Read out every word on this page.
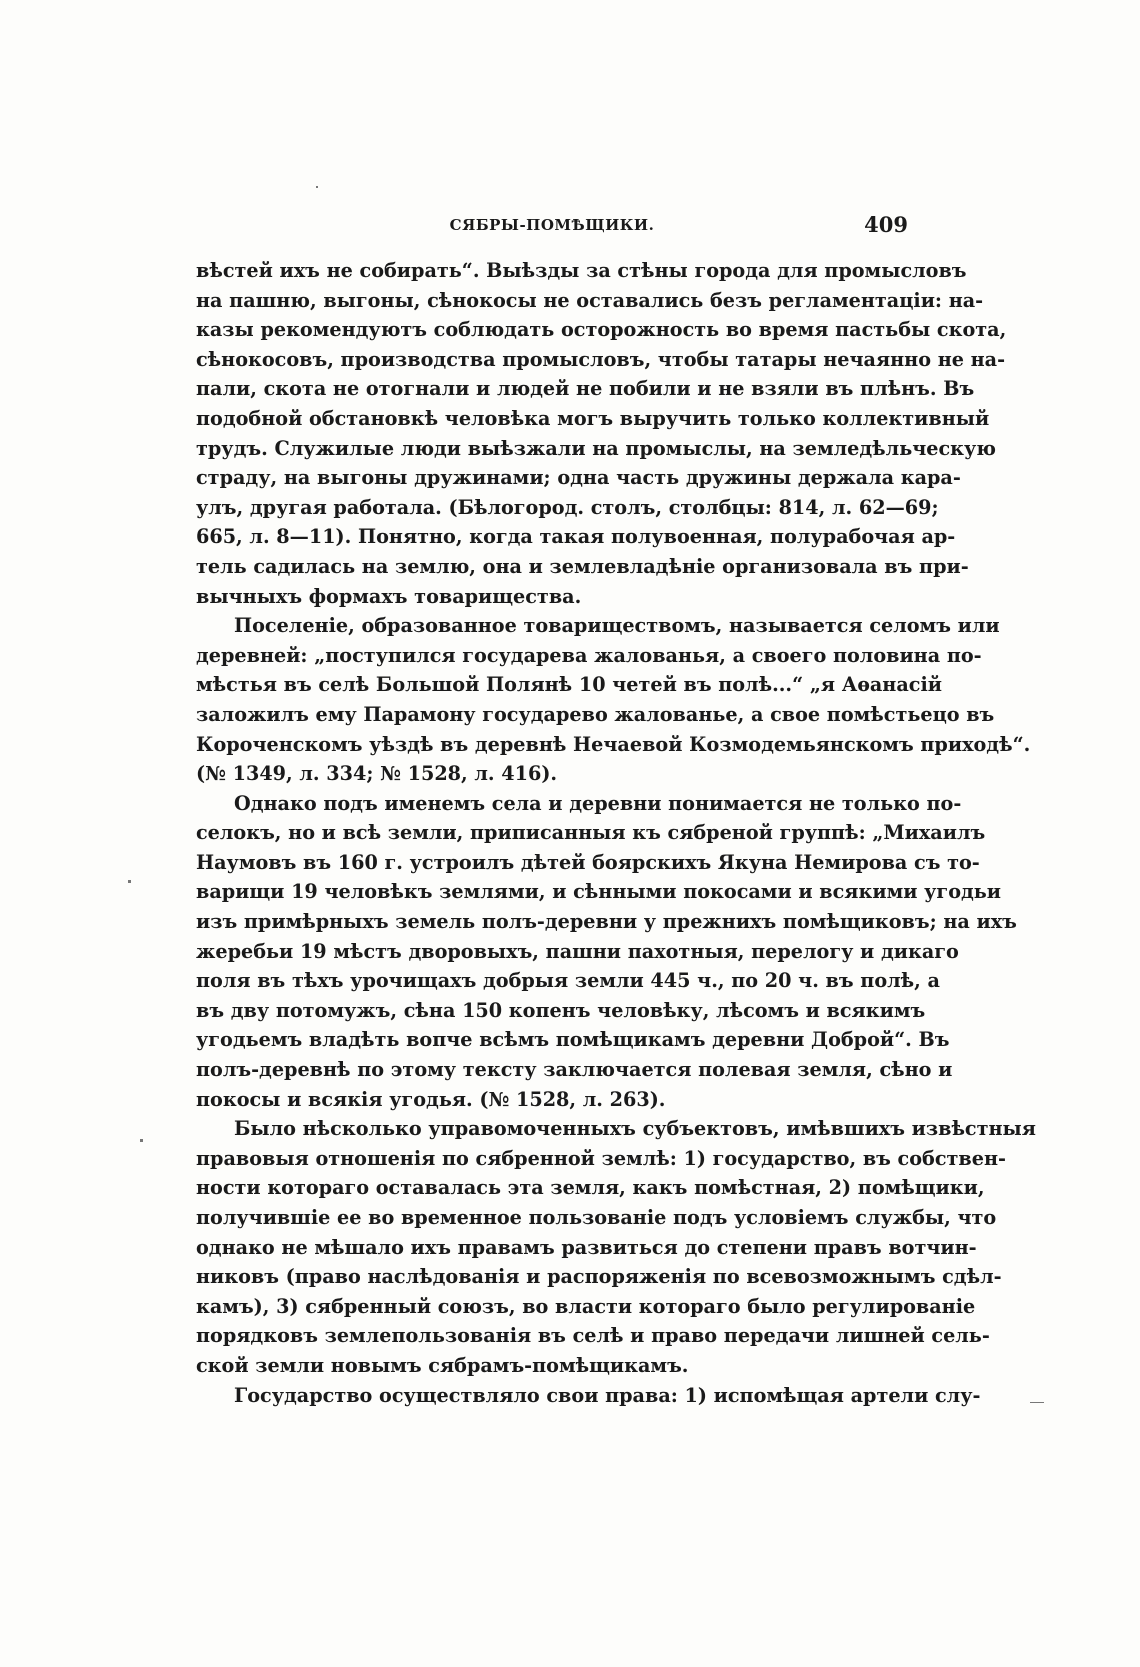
СЯБРЫ-ПОМѢЩИКИ.	409
вѣстей ихъ не собирать“. Выѣзды за стѣны города для промысловъ
на пашню, выгоны, сѣнокосы не оставались безъ регламентаціи: на-
казы рекомендуютъ соблюдать осторожность во время пастьбы скота,
сѣнокосовъ, производства промысловъ, чтобы татары нечаянно не на-
пали, скота не отогнали и людей не побили и не взяли въ плѣнъ. Въ
подобной обстановкѣ человѣка могъ выручить только коллективный
трудъ. Служилые люди выѣзжали на промыслы, на земледѣльческую
страду, на выгоны дружинами; одна часть дружины держала кара-
улъ, другая работала. (Бѣлогород. столъ, столбцы: 814, л. 62—69;
665, л. 8—11). Понятно, когда такая полувоенная, полурабочая ар-
тель садилась на землю, она и землевладѣніе организовала въ при-
вычныхъ формахъ товарищества.
Поселеніе, образованное товариществомъ, называется селомъ или
деревней: „поступился государева жалованья, а своего половина по-
мѣстья въ селѣ Большой Полянѣ 10 четей въ полѣ...“ „я Аѳанасій
заложилъ ему Парамону государево жалованье, а свое помѣстьецо въ
Короченскомъ уѣздѣ въ деревнѣ Нечаевой Козмодемьянскомъ приходѣ“.
(№ 1349, л. 334; № 1528, л. 416).
Однако подъ именемъ села и деревни понимается не только по-
селокъ, но и всѣ земли, приписанныя къ сябреной группѣ: „Михаилъ
Наумовъ въ 160 г. устроилъ дѣтей боярскихъ Якуна Немирова съ то-
варищи 19 человѣкъ землями, и сѣнными покосами и всякими угодьи
изъ примѣрныхъ земель полъ-деревни у прежнихъ помѣщиковъ; на ихъ
жеребьи 19 мѣстъ дворовыхъ, пашни пахотныя, перелогу и дикаго
поля въ тѣхъ урочищахъ добрыя земли 445 ч., по 20 ч. въ полѣ, а
въ дву потомужъ, сѣна 150 копенъ человѣку, лѣсомъ и всякимъ
угодьемъ владѣть вопче всѣмъ помѣщикамъ деревни Доброй“. Въ
полъ-деревнѣ по этому тексту заключается полевая земля, сѣно и
покосы и всякія угодья. (№ 1528, л. 263).
Было нѣсколько управомоченныхъ субъектовъ, имѣвшихъ извѣстныя
правовыя отношенія по сябренной землѣ: 1) государство, въ собствен-
ности котораго оставалась эта земля, какъ помѣстная, 2) помѣщики,
получившіе ее во временное пользованіе подъ условіемъ службы, что
однако не мѣшало ихъ правамъ развиться до степени правъ вотчин-
никовъ (право наслѣдованія и распоряженія по всевозможнымъ сдѣл-
камъ), 3) сябренный союзъ, во власти котораго было регулированіе
порядковъ землепользованія въ селѣ и право передачи лишней сель-
ской земли новымъ сябрамъ-помѣщикамъ.
Государство осуществляло свои права: 1) испомѣщая артели слу-
